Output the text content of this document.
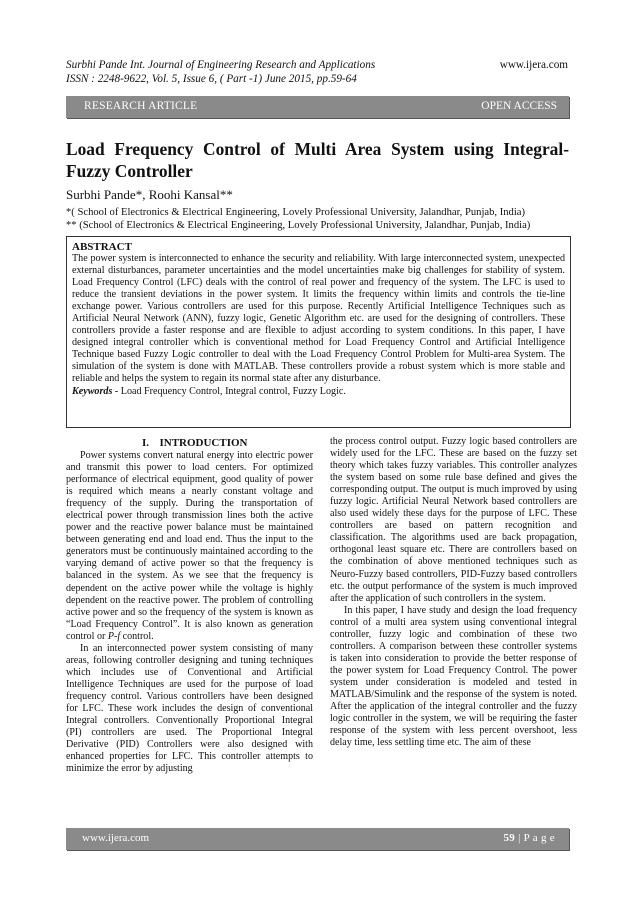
Surbhi Pande Int. Journal of Engineering Research and Applications
ISSN : 2248-9622, Vol. 5, Issue 6, ( Part -1) June 2015, pp.59-64
www.ijera.com
RESEARCH ARTICLE	OPEN ACCESS
Load Frequency Control of Multi Area System using Integral-Fuzzy Controller
Surbhi Pande*, Roohi Kansal**
*( School of Electronics & Electrical Engineering, Lovely Professional University, Jalandhar, Punjab, India)
** (School of Electronics & Electrical Engineering, Lovely Professional University, Jalandhar, Punjab, India)
ABSTRACT

The power system is interconnected to enhance the security and reliability. With large interconnected system, unexpected external disturbances, parameter uncertainties and the model uncertainties make big challenges for stability of system. Load Frequency Control (LFC) deals with the control of real power and frequency of the system. The LFC is used to reduce the transient deviations in the power system. It limits the frequency within limits and controls the tie-line exchange power. Various controllers are used for this purpose. Recently Artificial Intelligence Techniques such as Artificial Neural Network (ANN), fuzzy logic, Genetic Algorithm etc. are used for the designing of controllers. These controllers provide a faster response and are flexible to adjust according to system conditions. In this paper, I have designed integral controller which is conventional method for Load Frequency Control and Artificial Intelligence Technique based Fuzzy Logic controller to deal with the Load Frequency Control Problem for Multi-area System. The simulation of the system is done with MATLAB. These controllers provide a robust system which is more stable and reliable and helps the system to regain its normal state after any disturbance.

Keywords - Load Frequency Control, Integral control, Fuzzy Logic.

I. INTRODUCTION

Power systems convert natural energy into electric power and transmit this power to load centers. For optimized performance of electrical equipment, good quality of power is required which means a nearly constant voltage and frequency of the supply. During the transportation of electrical power through transmission lines both the active power and the reactive power balance must be maintained between generating end and load end. Thus the input to the generators must be continuously maintained according to the varying demand of active power so that the frequency is balanced in the system. As we see that the frequency is dependent on the active power while the voltage is highly dependent on the reactive power. The problem of controlling active power and so the frequency of the system is known as “Load Frequency Control”. It is also known as generation control or P-f control.

In an interconnected power system consisting of many areas, following controller designing and tuning techniques which includes use of Conventional and Artificial Intelligence Techniques are used for the purpose of load frequency control. Various controllers have been designed for LFC. These work includes the design of conventional Integral controllers. Conventionally Proportional Integral (PI) controllers are used. The Proportional Integral Derivative (PID) Controllers were also designed with enhanced properties for LFC. This controller attempts to minimize the error by adjusting

the process control output. Fuzzy logic based controllers are widely used for the LFC. These are based on the fuzzy set theory which takes fuzzy variables. This controller analyzes the system based on some rule base defined and gives the corresponding output. The output is much improved by using fuzzy logic. Artificial Neural Network based controllers are also used widely these days for the purpose of LFC. These controllers are based on pattern recognition and classification. The algorithms used are back propagation, orthogonal least square etc. There are controllers based on the combination of above mentioned techniques such as Neuro-Fuzzy based controllers, PID-Fuzzy based controllers etc. the output performance of the system is much improved after the application of such controllers in the system.

In this paper, I have study and design the load frequency control of a multi area system using conventional integral controller, fuzzy logic and combination of these two controllers. A comparison between these controller systems is taken into consideration to provide the better response of the power system for Load Frequency Control. The power system under consideration is modeled and tested in MATLAB/Simulink and the response of the system is noted. After the application of the integral controller and the fuzzy logic controller in the system, we will be requiring the faster response of the system with less percent overshoot, less delay time, less settling time etc. The aim of these

www.ijera.com	59 | P a g e
